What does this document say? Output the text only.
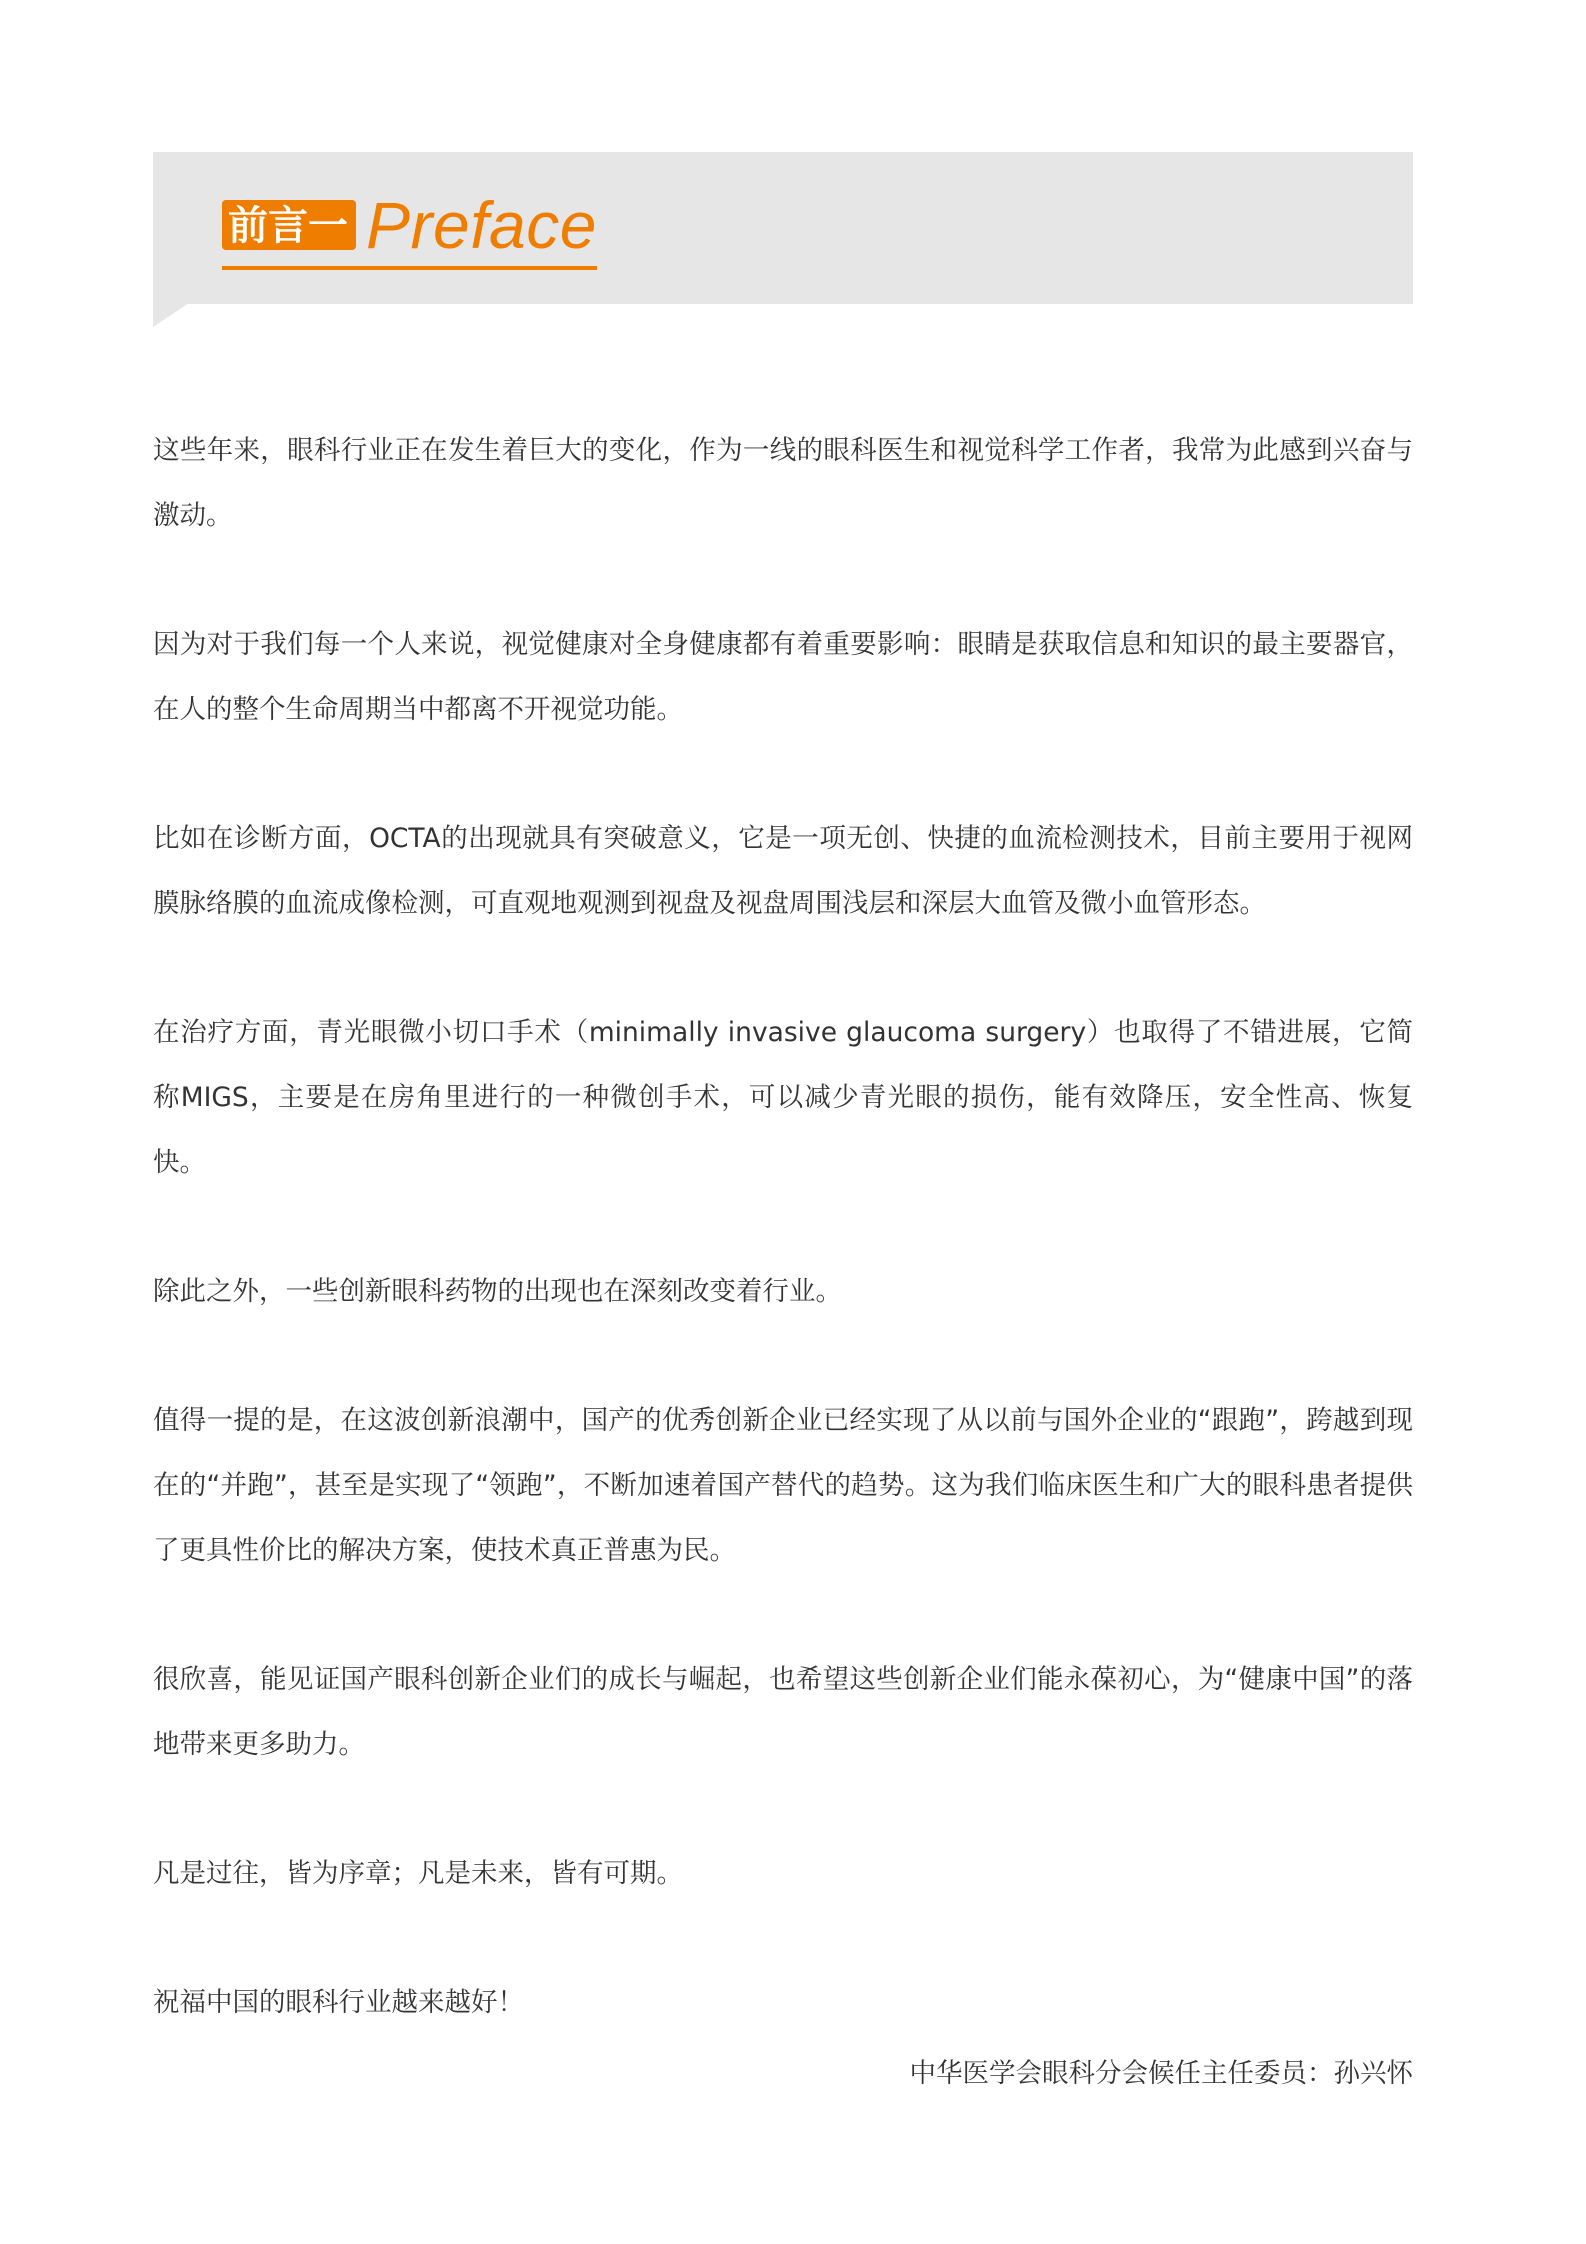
前言一 Preface

这些年来，眼科行业正在发生着巨大的变化，作为一线的眼科医生和视觉科学工作者，我常为此感到兴奋与激动。

因为对于我们每一个人来说，视觉健康对全身健康都有着重要影响：眼睛是获取信息和知识的最主要器官，在人的整个生命周期当中都离不开视觉功能。

比如在诊断方面，OCTA的出现就具有突破意义，它是一项无创、快捷的血流检测技术，目前主要用于视网膜脉络膜的血流成像检测，可直观地观测到视盘及视盘周围浅层和深层大血管及微小血管形态。

在治疗方面，青光眼微小切口手术（minimally invasive glaucoma surgery）也取得了不错进展，它简称MIGS，主要是在房角里进行的一种微创手术，可以减少青光眼的损伤，能有效降压，安全性高、恢复快。

除此之外，一些创新眼科药物的出现也在深刻改变着行业。

值得一提的是，在这波创新浪潮中，国产的优秀创新企业已经实现了从以前与国外企业的“跟跑”，跨越到现在的“并跑”，甚至是实现了“领跑”，不断加速着国产替代的趋势。这为我们临床医生和广大的眼科患者提供了更具性价比的解决方案，使技术真正普惠为民。

很欣喜，能见证国产眼科创新企业们的成长与崛起，也希望这些创新企业们能永葆初心，为“健康中国”的落地带来更多助力。

凡是过往，皆为序章；凡是未来，皆有可期。

祝福中国的眼科行业越来越好！

中华医学会眼科分会候任主任委员：孙兴怀
